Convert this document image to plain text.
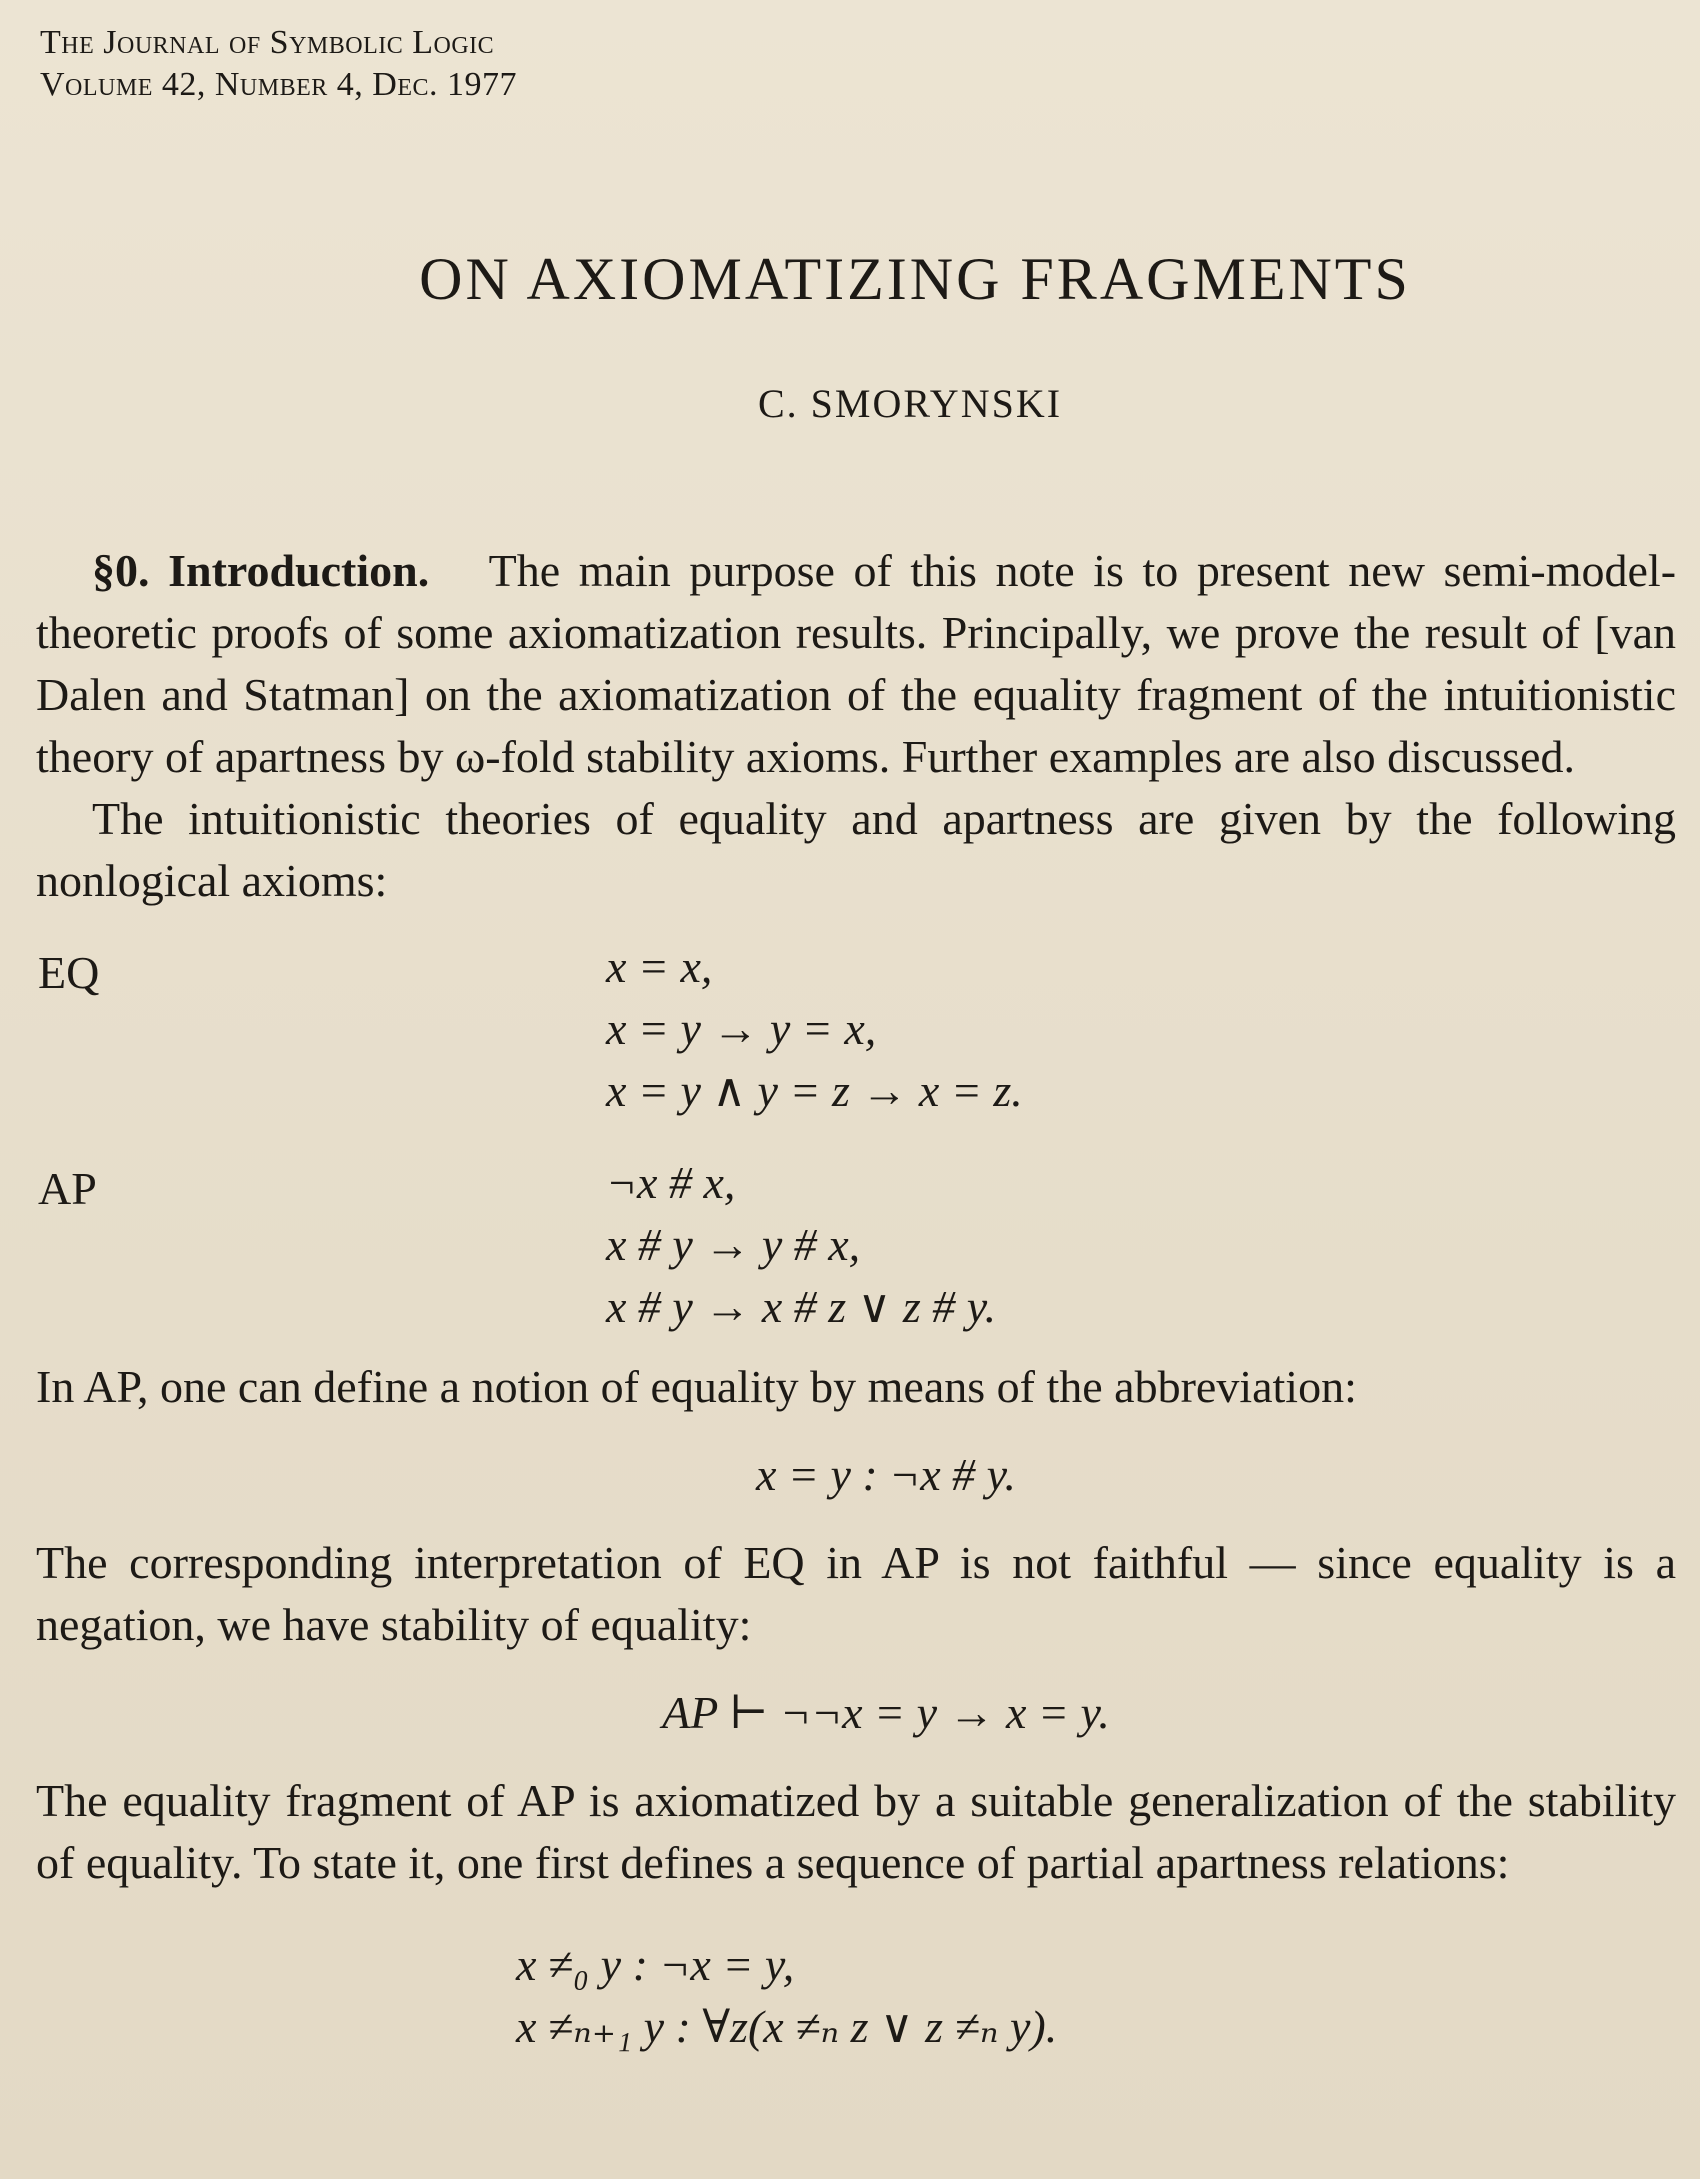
The Journal of Symbolic Logic
Volume 42, Number 4, Dec. 1977
ON AXIOMATIZING FRAGMENTS
C. SMORYNSKI

§0. Introduction.   The main purpose of this note is to present new semi-model-theoretic proofs of some axiomatization results. Principally, we prove the result of [van Dalen and Statman] on the axiomatization of the equality fragment of the intuitionistic theory of apartness by ω-fold stability axioms. Further examples are also discussed.

The intuitionistic theories of equality and apartness are given by the following nonlogical axioms:

EQ	x = x,
x = y → y = x,
x = y ∧ y = z → x = z.
AP	¬x # x,
x # y → y # x,
x # y → x # z ∨ z # y.

In AP, one can define a notion of equality by means of the abbreviation:

x = y : ¬x # y.

The corresponding interpretation of EQ in AP is not faithful — since equality is a negation, we have stability of equality:

AP ⊢ ¬¬x = y → x = y.

The equality fragment of AP is axiomatized by a suitable generalization of the stability of equality. To state it, one first defines a sequence of partial apartness relations:

x ≠₀ y : ¬x = y,
x ≠ₙ₊₁ y : ∀z(x ≠ₙ z ∨ z ≠ₙ y).
